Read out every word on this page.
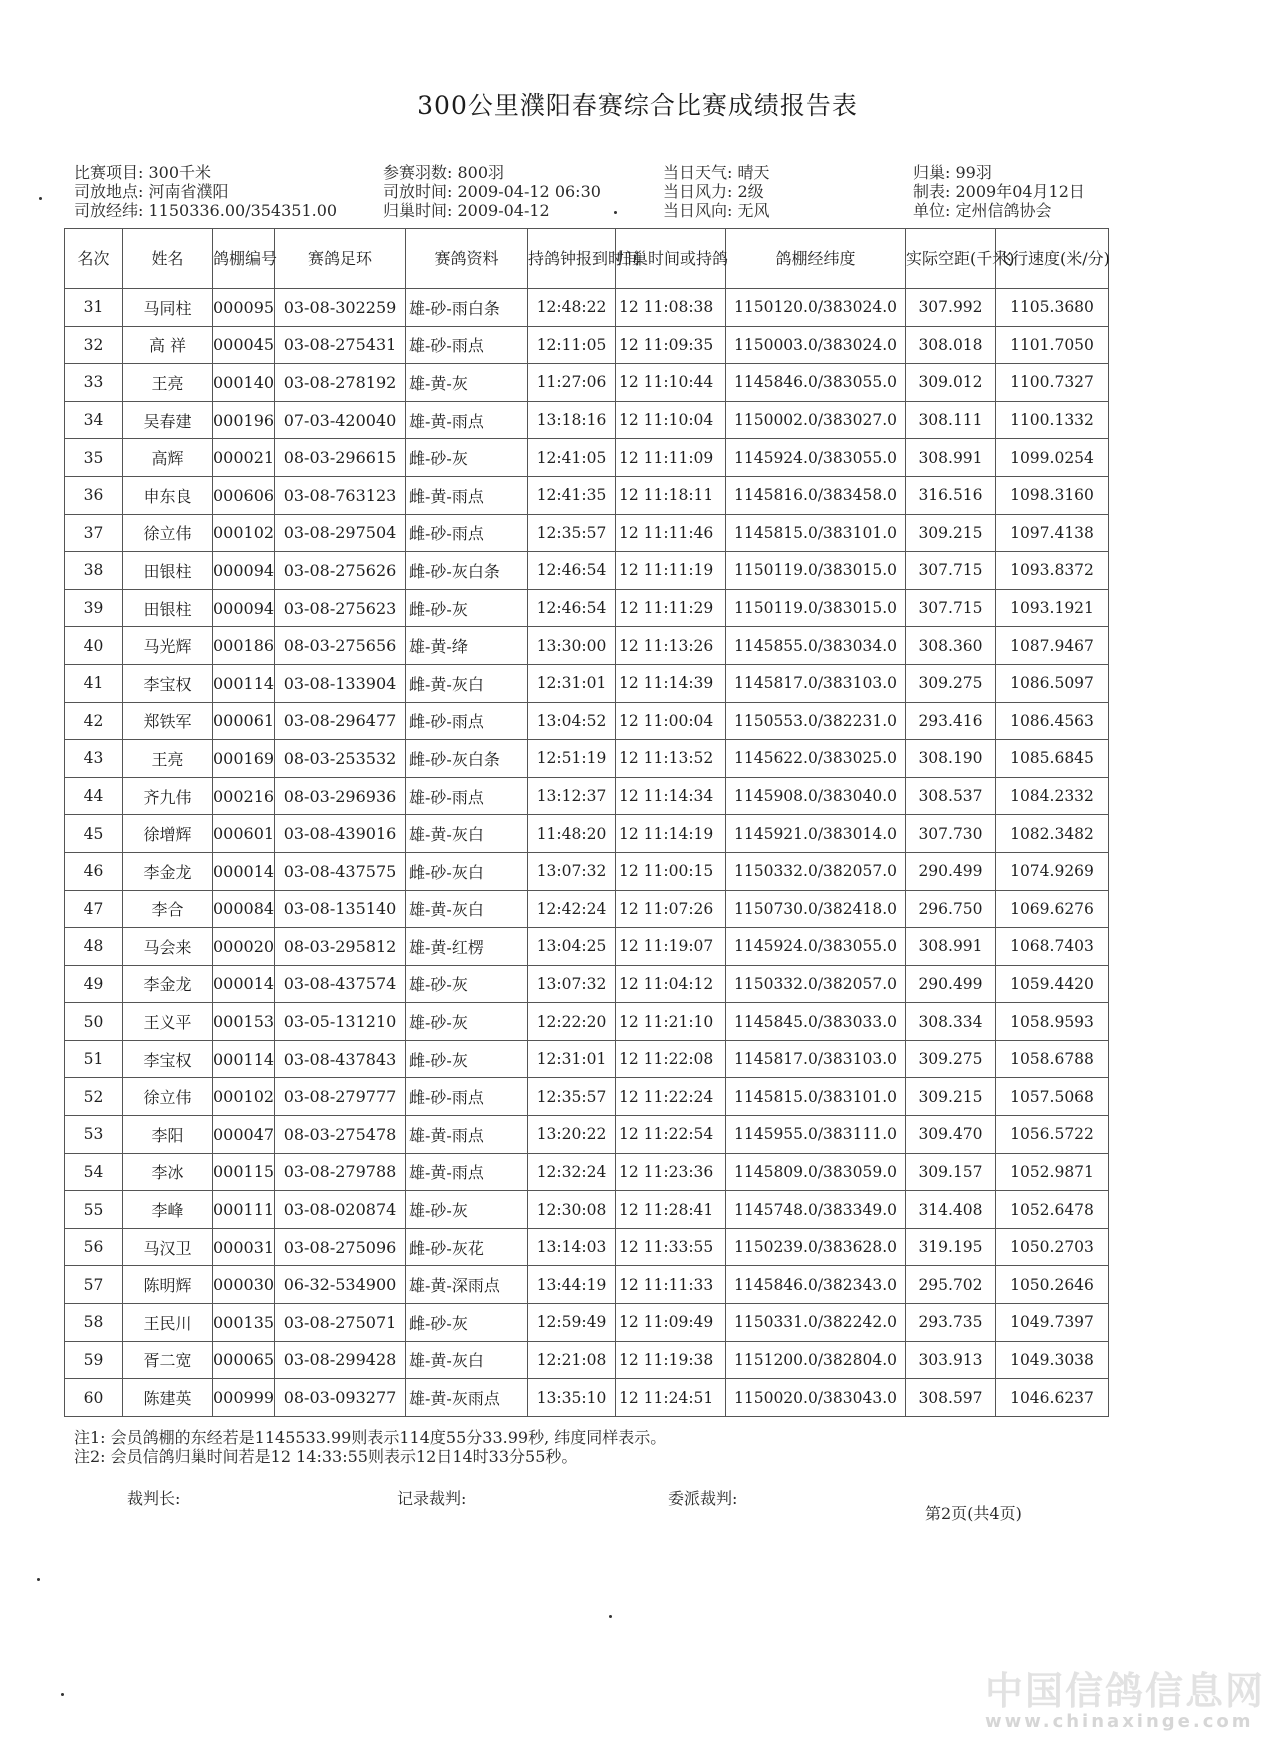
300公里濮阳春赛综合比赛成绩报告表
比赛项目: 300千米
司放地点: 河南省濮阳
司放经纬: 1150336.00/354351.00
参赛羽数: 800羽
司放时间: 2009-04-12 06:30
归巢时间: 2009-04-12
当日天气: 晴天
当日风力: 2级
当日风向: 无风
归巢: 99羽
制表: 2009年04月12日
单位: 定州信鸽协会
名次	姓名	鸽棚编号	赛鸽足环	赛鸽资料	持鸽钟报到时间	归巢时间或持鸽	鸽棚经纬度	实际空距(千米)	飞行速度(米/分)
31	马同柱	000095	03-08-302259	雄-砂-雨白条	12:48:22	12 11:08:38	1150120.0/383024.0	307.992	1105.3680
32	高 祥	000045	03-08-275431	雄-砂-雨点	12:11:05	12 11:09:35	1150003.0/383024.0	308.018	1101.7050
33	王亮	000140	03-08-278192	雄-黄-灰	11:27:06	12 11:10:44	1145846.0/383055.0	309.012	1100.7327
34	吴春建	000196	07-03-420040	雄-黄-雨点	13:18:16	12 11:10:04	1150002.0/383027.0	308.111	1100.1332
35	高辉	000021	08-03-296615	雌-砂-灰	12:41:05	12 11:11:09	1145924.0/383055.0	308.991	1099.0254
36	申东良	000606	03-08-763123	雌-黄-雨点	12:41:35	12 11:18:11	1145816.0/383458.0	316.516	1098.3160
37	徐立伟	000102	03-08-297504	雌-砂-雨点	12:35:57	12 11:11:46	1145815.0/383101.0	309.215	1097.4138
38	田银柱	000094	03-08-275626	雌-砂-灰白条	12:46:54	12 11:11:19	1150119.0/383015.0	307.715	1093.8372
39	田银柱	000094	03-08-275623	雌-砂-灰	12:46:54	12 11:11:29	1150119.0/383015.0	307.715	1093.1921
40	马光辉	000186	08-03-275656	雄-黄-绛	13:30:00	12 11:13:26	1145855.0/383034.0	308.360	1087.9467
41	李宝权	000114	03-08-133904	雌-黄-灰白	12:31:01	12 11:14:39	1145817.0/383103.0	309.275	1086.5097
42	郑铁军	000061	03-08-296477	雌-砂-雨点	13:04:52	12 11:00:04	1150553.0/382231.0	293.416	1086.4563
43	王亮	000169	08-03-253532	雌-砂-灰白条	12:51:19	12 11:13:52	1145622.0/383025.0	308.190	1085.6845
44	齐九伟	000216	08-03-296936	雄-砂-雨点	13:12:37	12 11:14:34	1145908.0/383040.0	308.537	1084.2332
45	徐增辉	000601	03-08-439016	雄-黄-灰白	11:48:20	12 11:14:19	1145921.0/383014.0	307.730	1082.3482
46	李金龙	000014	03-08-437575	雌-砂-灰白	13:07:32	12 11:00:15	1150332.0/382057.0	290.499	1074.9269
47	李合	000084	03-08-135140	雄-黄-灰白	12:42:24	12 11:07:26	1150730.0/382418.0	296.750	1069.6276
48	马会来	000020	08-03-295812	雄-黄-红楞	13:04:25	12 11:19:07	1145924.0/383055.0	308.991	1068.7403
49	李金龙	000014	03-08-437574	雄-砂-灰	13:07:32	12 11:04:12	1150332.0/382057.0	290.499	1059.4420
50	王义平	000153	03-05-131210	雄-砂-灰	12:22:20	12 11:21:10	1145845.0/383033.0	308.334	1058.9593
51	李宝权	000114	03-08-437843	雌-砂-灰	12:31:01	12 11:22:08	1145817.0/383103.0	309.275	1058.6788
52	徐立伟	000102	03-08-279777	雌-砂-雨点	12:35:57	12 11:22:24	1145815.0/383101.0	309.215	1057.5068
53	李阳	000047	08-03-275478	雄-黄-雨点	13:20:22	12 11:22:54	1145955.0/383111.0	309.470	1056.5722
54	李冰	000115	03-08-279788	雄-黄-雨点	12:32:24	12 11:23:36	1145809.0/383059.0	309.157	1052.9871
55	李峰	000111	03-08-020874	雄-砂-灰	12:30:08	12 11:28:41	1145748.0/383349.0	314.408	1052.6478
56	马汉卫	000031	03-08-275096	雌-砂-灰花	13:14:03	12 11:33:55	1150239.0/383628.0	319.195	1050.2703
57	陈明辉	000030	06-32-534900	雄-黄-深雨点	13:44:19	12 11:11:33	1145846.0/382343.0	295.702	1050.2646
58	王民川	000135	03-08-275071	雌-砂-灰	12:59:49	12 11:09:49	1150331.0/382242.0	293.735	1049.7397
59	胥二宽	000065	03-08-299428	雄-黄-灰白	12:21:08	12 11:19:38	1151200.0/382804.0	303.913	1049.3038
60	陈建英	000999	08-03-093277	雄-黄-灰雨点	13:35:10	12 11:24:51	1150020.0/383043.0	308.597	1046.6237
注1: 会员鸽棚的东经若是1145533.99则表示114度55分33.99秒, 纬度同样表示。
注2: 会员信鸽归巢时间若是12 14:33:55则表示12日14时33分55秒。
裁判长:	记录裁判:	委派裁判:
第2页(共4页)
中国信鸽信息网
www.chinaxinge.com
